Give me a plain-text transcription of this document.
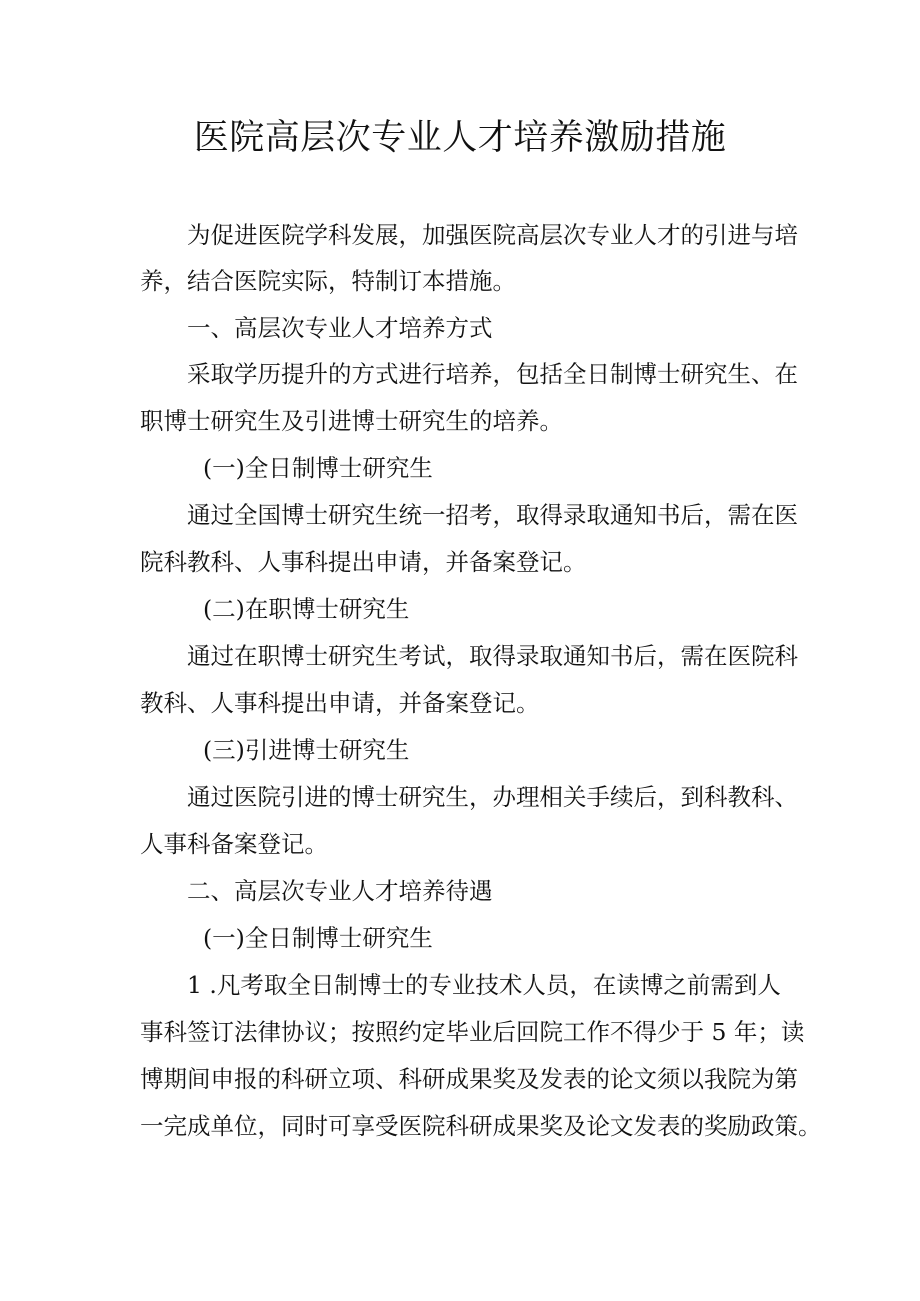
医院高层次专业人才培养激励措施

为促进医院学科发展，加强医院高层次专业人才的引进与培

养，结合医院实际，特制订本措施。

一、高层次专业人才培养方式

采取学历提升的方式进行培养，包括全日制博士研究生、在

职博士研究生及引进博士研究生的培养。

(一)全日制博士研究生

通过全国博士研究生统一招考，取得录取通知书后，需在医

院科教科、人事科提出申请，并备案登记。

(二)在职博士研究生

通过在职博士研究生考试，取得录取通知书后，需在医院科

教科、人事科提出申请，并备案登记。

(三)引进博士研究生

通过医院引进的博士研究生，办理相关手续后，到科教科、

人事科备案登记。

二、高层次专业人才培养待遇

(一)全日制博士研究生

1 .凡考取全日制博士的专业技术人员，在读博之前需到人

事科签订法律协议；按照约定毕业后回院工作不得少于 5 年；读

博期间申报的科研立项、科研成果奖及发表的论文须以我院为第

一完成单位，同时可享受医院科研成果奖及论文发表的奖励政策。
